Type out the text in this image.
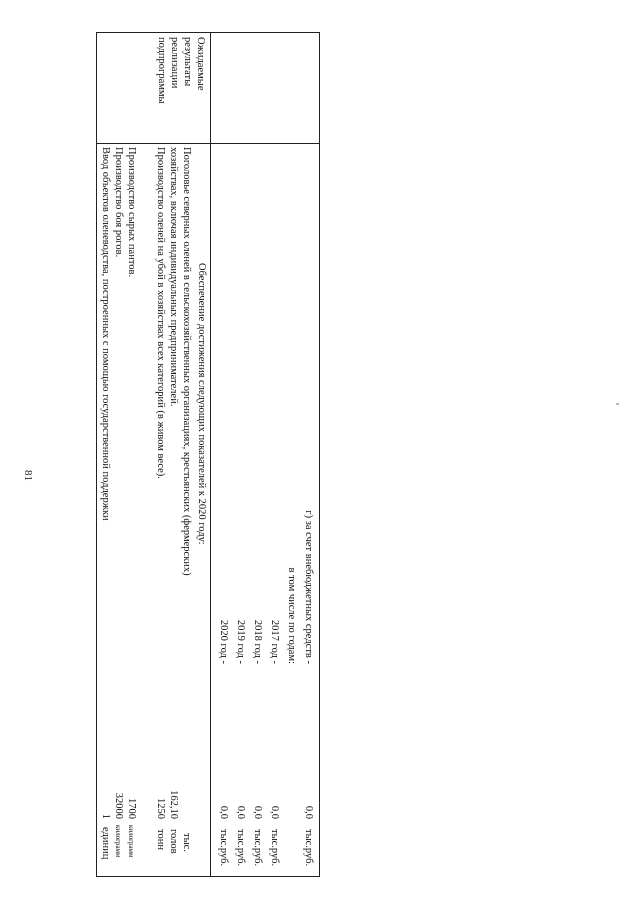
81
г) за счет внебюджетных средств -
в том числе по годам:
2017 год -
2018 год -
2019 год -
2020 год -
0,0
0,0
0,0
0,0
0,0
тыс.руб.
тыс.руб.
тыс.руб.
тыс.руб.
тыс.руб.
Ожидаемые результаты реализации подпрограммы
Обеспечение достижения следующих показателей к 2020 году:
Поголовье северных оленей в сельскохозяйственных организациях, крестьянских (фермерских)
хозяйствах, включая индивидуальных предпринимателей.
Производство оленей на убой в хозяйствах всех категорий (в живом весе).
Производство сырых пантов.
Производство боя рогов.
Ввод объектов оленеводства, построенных с помощью государственной поддержки
162,10
1250
1700
32000
1
тыс.
голов
тонн
килограмм
килограмм
единиц
